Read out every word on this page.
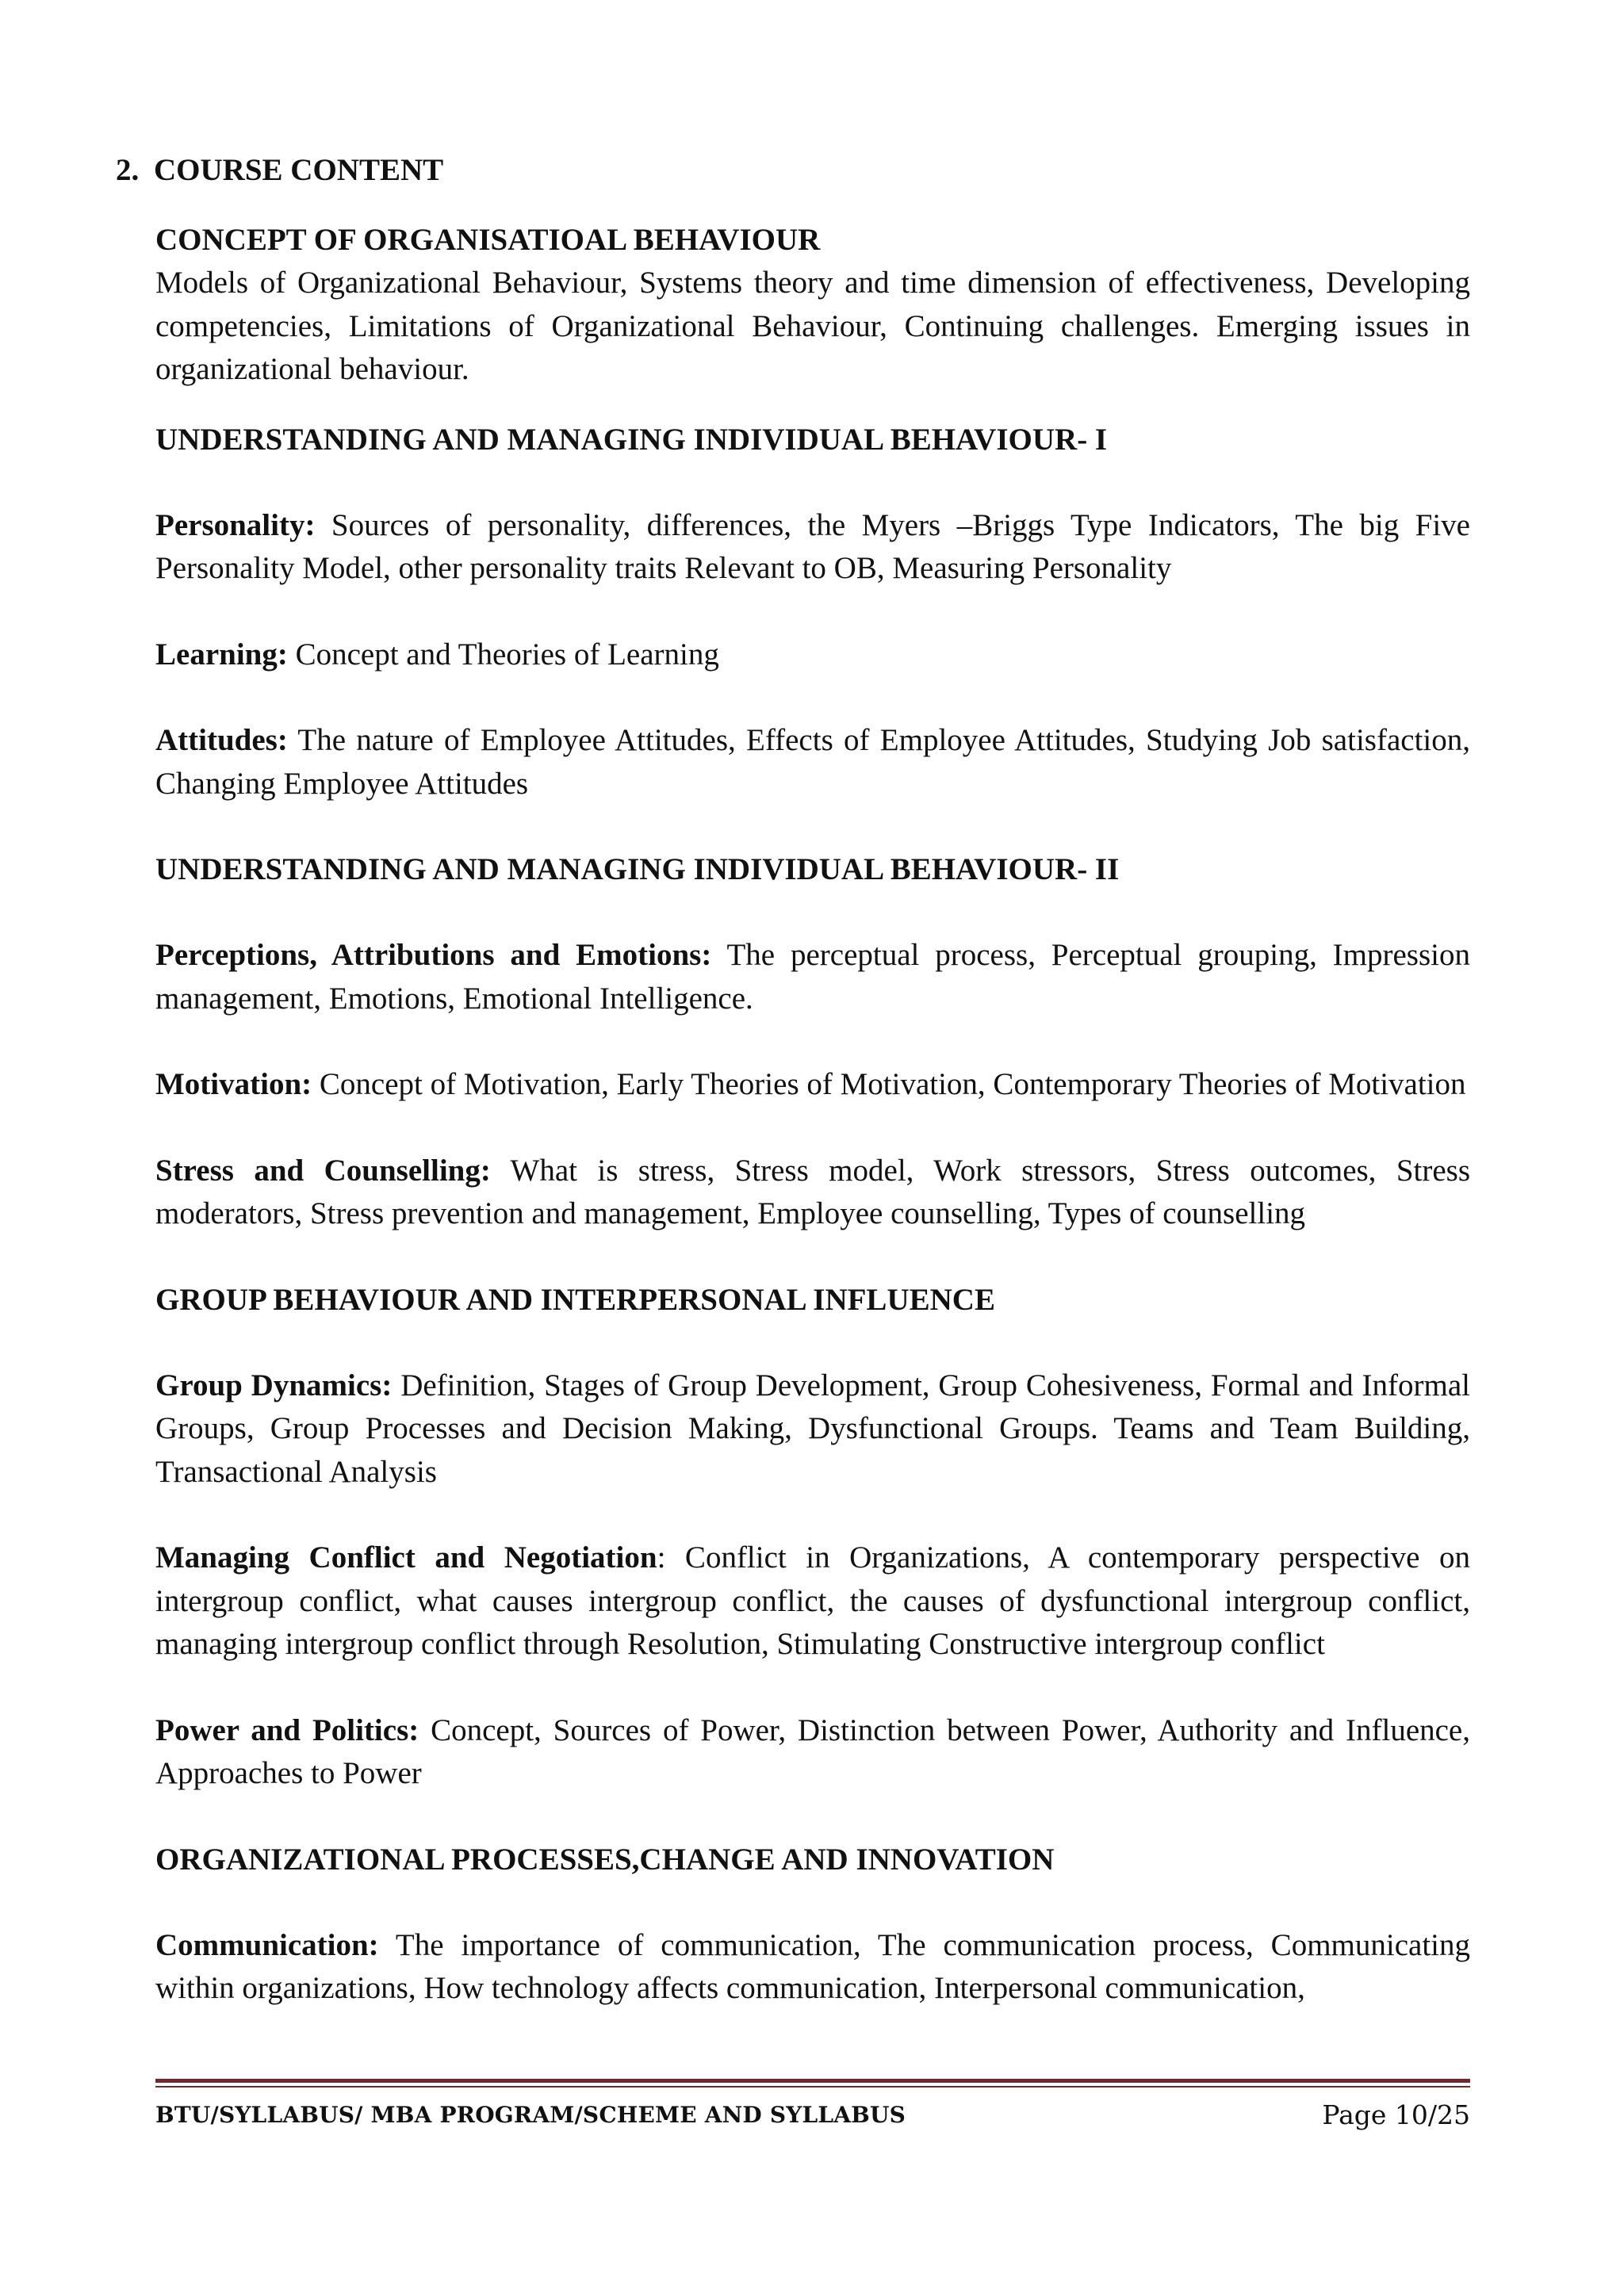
2. COURSE CONTENT
CONCEPT OF ORGANISATIOAL BEHAVIOUR

Models of Organizational Behaviour, Systems theory and time dimension of effectiveness, Developing competencies, Limitations of Organizational Behaviour, Continuing challenges. Emerging issues in organizational behaviour.

UNDERSTANDING AND MANAGING INDIVIDUAL BEHAVIOUR- I

Personality: Sources of personality, differences, the Myers –Briggs Type Indicators, The big Five Personality Model, other personality traits Relevant to OB, Measuring Personality

Learning: Concept and Theories of Learning

Attitudes: The nature of Employee Attitudes, Effects of Employee Attitudes, Studying Job satisfaction, Changing Employee Attitudes

UNDERSTANDING AND MANAGING INDIVIDUAL BEHAVIOUR- II

Perceptions, Attributions and Emotions: The perceptual process, Perceptual grouping, Impression management, Emotions, Emotional Intelligence.

Motivation: Concept of Motivation, Early Theories of Motivation, Contemporary Theories of Motivation

Stress and Counselling: What is stress, Stress model, Work stressors, Stress outcomes, Stress moderators, Stress prevention and management, Employee counselling, Types of counselling

GROUP BEHAVIOUR AND INTERPERSONAL INFLUENCE

Group Dynamics: Definition, Stages of Group Development, Group Cohesiveness, Formal and Informal Groups, Group Processes and Decision Making, Dysfunctional Groups. Teams and Team Building, Transactional Analysis

Managing Conflict and Negotiation: Conflict in Organizations, A contemporary perspective on intergroup conflict, what causes intergroup conflict, the causes of dysfunctional intergroup conflict, managing intergroup conflict through Resolution, Stimulating Constructive intergroup conflict

Power and Politics: Concept, Sources of Power, Distinction between Power, Authority and Influence, Approaches to Power

ORGANIZATIONAL PROCESSES,CHANGE AND INNOVATION

Communication: The importance of communication, The communication process, Communicating within organizations, How technology affects communication, Interpersonal communication,

BTU/SYLLABUS/ MBA PROGRAM/SCHEME AND SYLLABUS	Page 10/25
